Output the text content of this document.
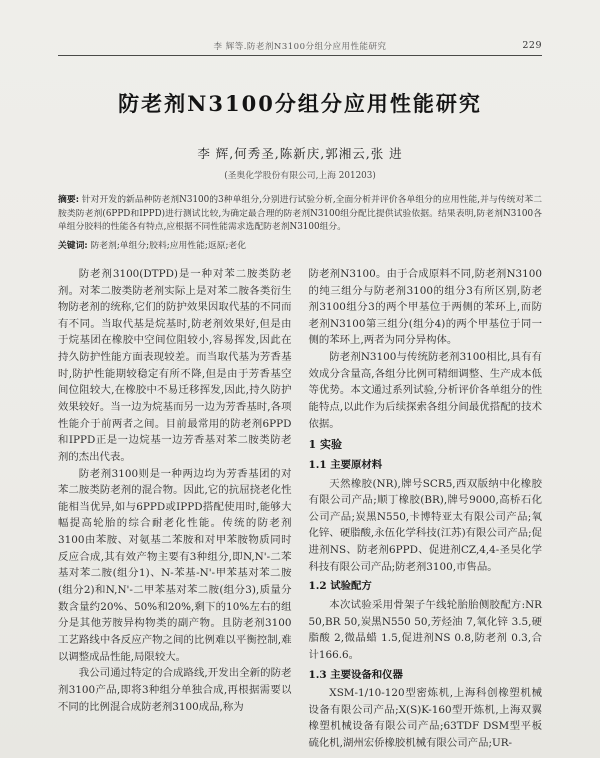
李 辉等.防老剂N3100分组分应用性能研究	229
防老剂N3100分组分应用性能研究
李 辉,何秀圣,陈新庆,郭湘云,张 进
(圣奥化学股份有限公司,上海 201203)
摘要: 针对开发的新品种防老剂N3100的3种单组分,分别进行试验分析,全面分析并评价各单组分的应用性能,并与传统对苯二胺类防老剂(6PPD和IPPD)进行测试比较,为确定最合理的防老剂N3100组分配比提供试验依据。结果表明,防老剂N3100各单组分胶料的性能各有特点,应根据不同性能需求选配防老剂N3100组分。
关键词: 防老剂;单组分;胶料;应用性能;返原;老化

防老剂3100(DTPD)是一种对苯二胺类防老剂。对苯二胺类防老剂实际上是对苯二胺各类衍生物防老剂的统称,它们的防护效果因取代基的不同而有不同。当取代基是烷基时,防老剂效果好,但是由于烷基团在橡胶中空间位阻较小,容易挥发,因此在持久防护性能方面表现较差。而当取代基为芳香基时,防护性能期较稳定有所不降,但是由于芳香基空间位阻较大,在橡胶中不易迁移挥发,因此,持久防护效果较好。当一边为烷基而另一边为芳香基时,各项性能介于前两者之间。目前最常用的防老剂6PPD和IPPD正是一边烷基一边芳香基对苯二胺类防老剂的杰出代表。

防老剂3100则是一种两边均为芳香基团的对苯二胺类防老剂的混合物。因此,它的抗屈挠老化性能相当优异,如与6PPD或IPPD搭配使用时,能够大幅提高轮胎的综合耐老化性能。传统的防老剂3100由苯胺、对氨基二苯胺和对甲苯胺物质同时反应合成,其有效产物主要有3种组分,即N,N'-二苯基对苯二胺(组分1)、N-苯基-N'-甲苯基对苯二胺(组分2)和N,N'-二甲苯基对苯二胺(组分3),质量分数含量约20%、50%和20%,剩下的10%左右的组分是其他芳胺异构物类的副产物。且防老剂3100工艺路线中各反应产物之间的比例难以平衡控制,难以调整成品性能,局限较大。

我公司通过特定的合成路线,开发出全新的防老剂3100产品,即将3种组分单独合成,再根据需要以不同的比例混合成防老剂3100成品,称为

防老剂N3100。由于合成原料不同,防老剂N3100的纯三组分与防老剂3100的组分3有所区别,防老剂3100组分3的两个甲基位于两侧的苯环上,而防老剂N3100第三组分(组分4)的两个甲基位于同一侧的苯环上,两者为同分异构体。

防老剂N3100与传统防老剂3100相比,具有有效成分含量高,各组分比例可精细调整、生产成本低等优势。本文通过系列试验,分析评价各单组分的性能特点,以此作为后续探索各组分间最优搭配的技术依据。

1 实验
1.1 主要原材料

天然橡胶(NR),牌号SCR5,西双版纳中化橡胶有限公司产品;顺丁橡胶(BR),牌号9000,高桥石化公司产品;炭黑N550,卡博特亚太有限公司产品;氧化锌、硬脂酸,永伍化学科技(江苏)有限公司产品;促进剂NS、防老剂6PPD、促进剂CZ,4,4-圣昊化学科技有限公司产品;防老剂3100,市售品。

1.2 试验配方

本次试验采用骨架子午线轮胎胎侧胶配方:NR 50,BR 50,炭黑N550 50,芳烃油 7,氧化锌 3.5,硬脂酸 2,微晶蜡 1.5,促进剂NS 0.8,防老剂 0.3,合计166.6。

1.3 主要设备和仪器

XSM-1/10-120型密炼机,上海科创橡塑机械设备有限公司产品;X(S)K-160型开炼机,上海双翼橡塑机械设备有限公司产品;63TDF DSM型平板硫化机,湖州宏侨橡胶机械有限公司产品;UR-
